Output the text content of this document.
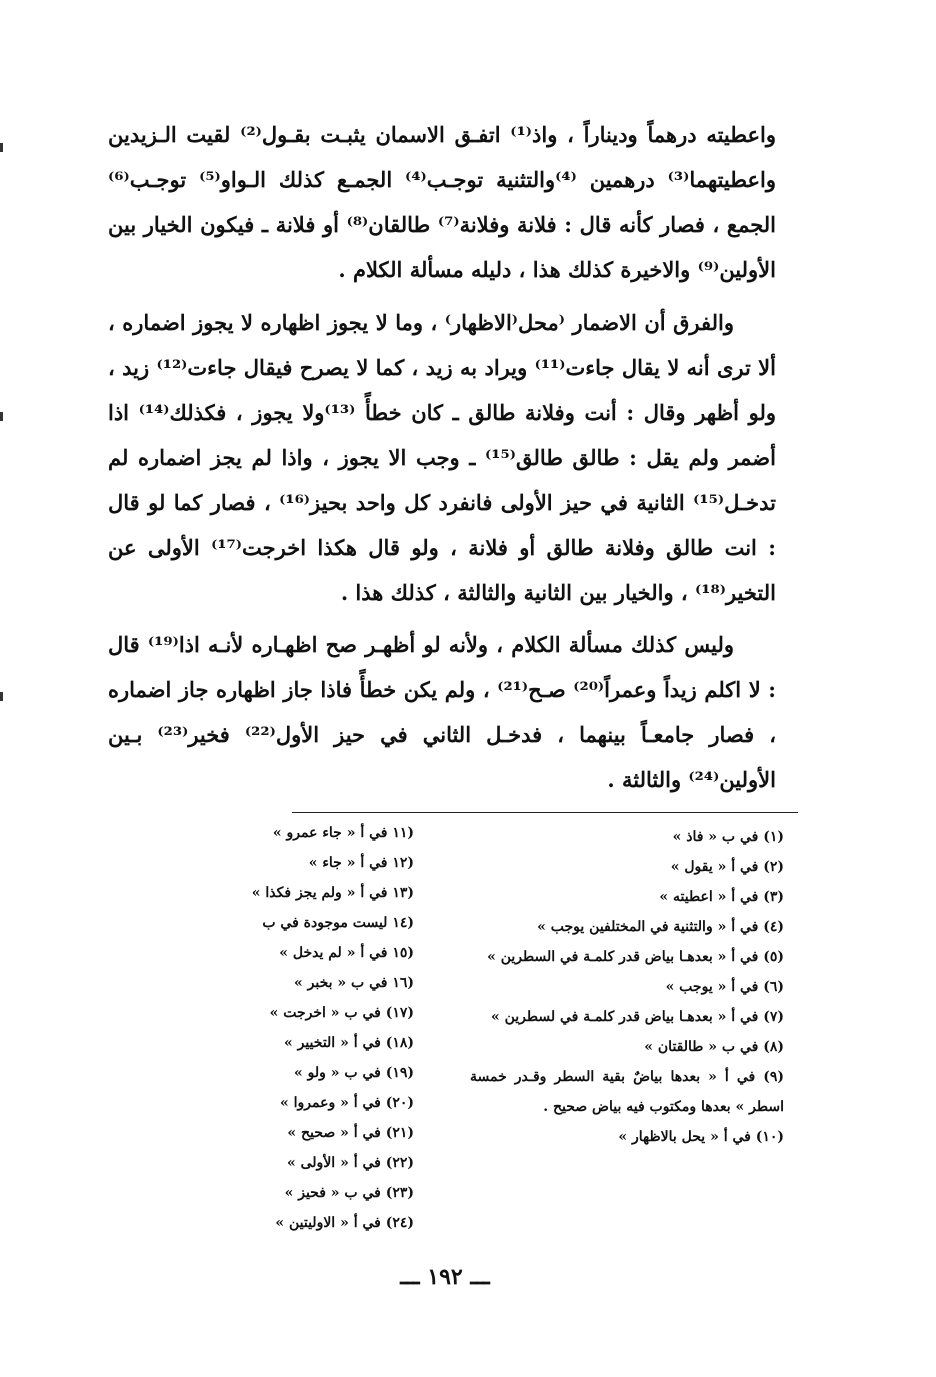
واعطيته درهماً وديناراً ، واذ⁽¹⁾ اتفـق الاسمان يثبـت بقـول⁽²⁾ لقيت الـزيدين واعطيتهما⁽³⁾ درهمين ⁽⁴⁾والتثنية توجـب⁽⁴⁾ الجمـع كذلك الـواو⁽⁵⁾ توجـب⁽⁶⁾ الجمع ، فصار كأنه قال : فلانة وفلانة⁽⁷⁾ طالقان⁽⁸⁾ أو فلانة ـ فيكون الخيار بين الأولين⁽⁹⁾ والاخيرة كذلك هذا ، دليله مسألة الكلام .

والفرق أن الاضمار ⁽محل⁽الاظهار⁾ ، وما لا يجوز اظهاره لا يجوز اضماره ، ألا ترى أنه لا يقال جاءت⁽¹¹⁾ ويراد به زيد ، كما لا يصرح فيقال جاءت⁽¹²⁾ زيد ، ولو أظهر وقال : أنت وفلانة طالق ـ كان خطأً ⁽¹³⁾ولا يجوز ، فكذلك⁽¹⁴⁾ اذا أضمر ولم يقل : طالق طالق⁽¹⁵⁾ ـ وجب الا يجوز ، واذا لم يجز اضماره لم تدخـل⁽¹⁵⁾ الثانية في حيز الأولى فانفرد كل واحد بحيز⁽¹⁶⁾ ، فصار كما لو قال : انت طالق وفلانة طالق أو فلانة ، ولو قال هكذا اخرجت⁽¹⁷⁾ الأولى عن التخير⁽¹⁸⁾ ، والخيار بين الثانية والثالثة ، كذلك هذا .

وليس كذلك مسألة الكلام ، ولأنه لو أظهـر صح اظهـاره لأنـه اذا⁽¹⁹⁾ قال : لا اكلم زيداً وعمراً⁽²⁰⁾ صـح⁽²¹⁾ ، ولم يكن خطأً فاذا جاز اظهاره جاز اضماره ، فصار جامعـاً بينهما ، فدخـل الثاني في حيز الأول⁽²²⁾ فخير⁽²³⁾ بـين الأولين⁽²⁴⁾ والثالثة .

(١) في ب « فاذ »
(٢) في أ « يقول »
(٣) في أ « اعطيته »
(٤) في أ « والتثنية في المختلفين يوجب »
(٥) في أ « بعدهـا بياض قدر كلمـة في السطرين »
(٦) في أ « يوجب »
(٧) في أ « بعدهـا بياض قدر كلمـة في لسطرين »
(٨) في ب « طالقتان »
(٩) في أ « بعدها بياضٌ بقية السطر وقـدر خمسة اسطر » بعدها ومكتوب فيه بياض صحيح .
(١٠) في أ « يحل بالاظهار »
(١١ في أ « جاء عمرو »
(١٢ في أ « جاء »
(١٣ في أ « ولم يجز فكذا »
(١٤ ليست موجودة في ب
(١٥ في أ « لم يدخل »
(١٦ في ب « بخبر »
(١٧) في ب « اخرجت »
(١٨) في أ « التخيير »
(١٩) في ب « ولو »
(٢٠) في أ « وعمروا »
(٢١) في أ « صحيح »
(٢٢) في أ « الأولى »
(٢٣) في ب « فحيز »
(٢٤) في أ « الاوليتين »
ـــ ١٩٢ ـــ
